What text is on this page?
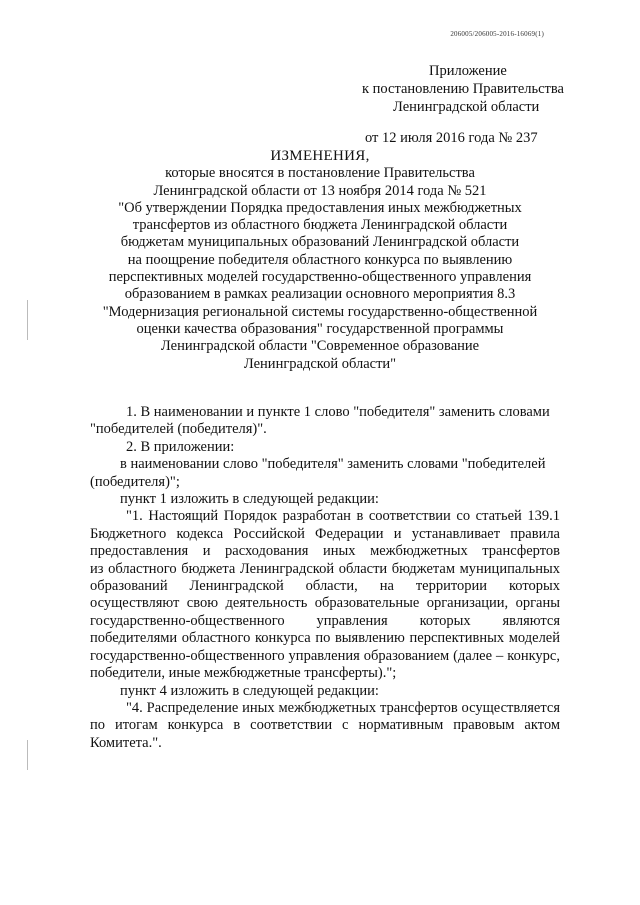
206005/206005-2016-16069(1)
Приложение
к постановлению Правительства
Ленинградской области
от 12 июля 2016 года № 237
ИЗМЕНЕНИЯ,
которые вносятся в постановление Правительства
Ленинградской области от 13 ноября 2014 года № 521
"Об утверждении Порядка предоставления иных межбюджетных
трансфертов из областного бюджета Ленинградской области
бюджетам муниципальных образований Ленинградской области
на поощрение победителя областного конкурса по выявлению
перспективных моделей государственно-общественного управления
образованием в рамках реализации основного мероприятия 8.3
"Модернизация региональной системы государственно-общественной
оценки качества образования" государственной программы
Ленинградской области "Современное образование
Ленинградской области"
1. В наименовании и пункте 1 слово "победителя" заменить словами
"победителей (победителя)".
2. В приложении:
в наименовании слово "победителя" заменить словами "победителей
(победителя)";
пункт 1 изложить в следующей редакции:
"1. Настоящий Порядок разработан в соответствии со статьей 139.1
Бюджетного кодекса Российской Федерации и устанавливает правила
предоставления и расходования иных межбюджетных трансфертов
из областного бюджета Ленинградской области бюджетам муниципальных
образований Ленинградской области, на территории которых
осуществляют свою деятельность образовательные организации, органы
государственно-общественного управления которых являются
победителями областного конкурса по выявлению перспективных моделей
государственно-общественного управления образованием (далее – конкурс,
победители, иные межбюджетные трансферты).";
пункт 4 изложить в следующей редакции:
"4. Распределение иных межбюджетных трансфертов осуществляется
по итогам конкурса в соответствии с нормативным правовым актом
Комитета.".
